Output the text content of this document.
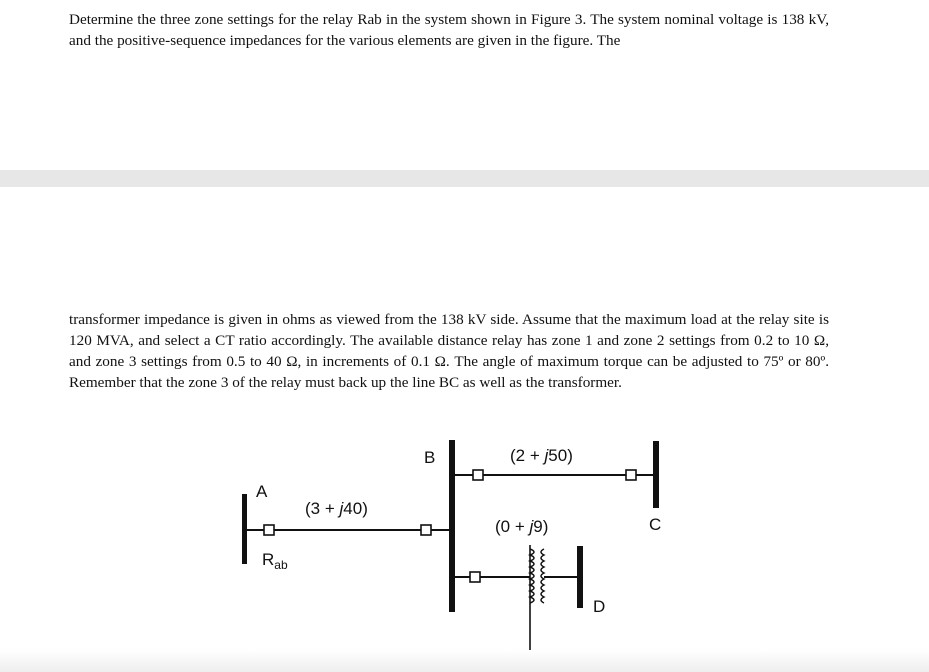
Determine the three zone settings for the relay Rab in the system shown in Figure 3. The system nominal voltage is 138 kV, and the positive-sequence impedances for the various elements are given in the figure. The

transformer impedance is given in ohms as viewed from the 138 kV side. Assume that the maximum load at the relay site is 120 MVA, and select a CT ratio accordingly. The available distance relay has zone 1 and zone 2 settings from 0.2 to 10 Ω, and zone 3 settings from 0.5 to 40 Ω, in increments of 0.1 Ω. The angle of maximum torque can be adjusted to 75º or 80º. Remember that the zone 3 of the relay must back up the line BC as well as the transformer.

A
(3 + j40)
$R_{ab}$
B	(2 + j50)
C
(0 + j9)
D
